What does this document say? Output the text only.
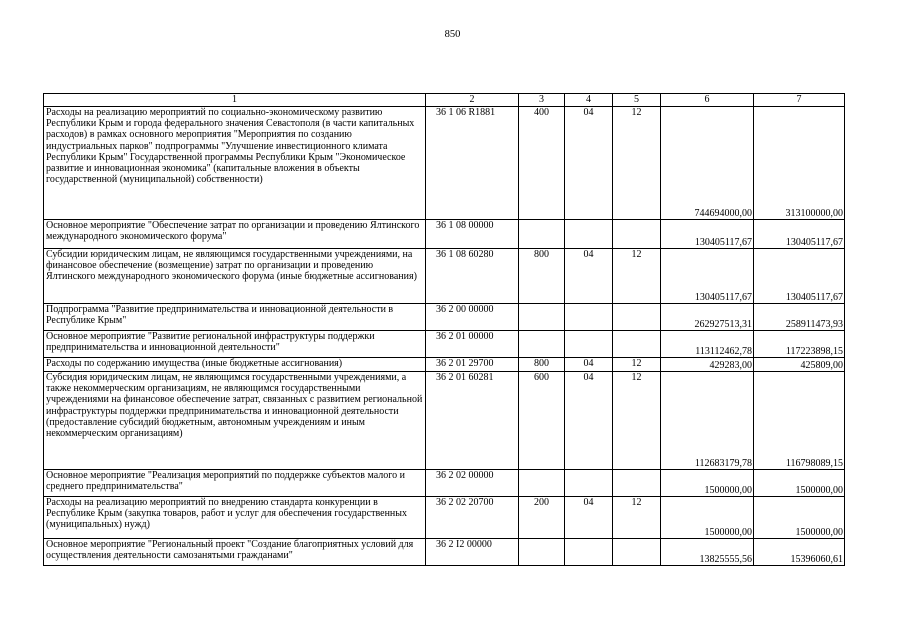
850
1	2	3	4	5	6	7
Расходы на реализацию мероприятий по социально-экономическому развитию Республики Крым и города федерального значения Севастополя (в части капитальных расходов) в рамках основного мероприятия "Мероприятия по созданию индустриальных парков" подпрограммы "Улучшение инвестиционного климата Республики Крым" Государственной программы Республики Крым "Экономическое развитие и инновационная экономика" (капитальные вложения в объекты государственной (муниципальной) собственности)	36 1 06 R1881	400	04	12	744694000,00	313100000,00
Основное мероприятие "Обеспечение затрат по организации и проведению Ялтинского международного экономического форума"	36 1 08 00000				130405117,67	130405117,67
Субсидии юридическим лицам, не являющимся государственными учреждениями, на финансовое обеспечение (возмещение) затрат по организации и проведению Ялтинского международного экономического форума (иные бюджетные ассигнования)	36 1 08 60280	800	04	12	130405117,67	130405117,67
Подпрограмма "Развитие предпринимательства и инновационной деятельности в Республике Крым"	36 2 00 00000				262927513,31	258911473,93
Основное мероприятие "Развитие региональной инфраструктуры поддержки предпринимательства и инновационной деятельности"	36 2 01 00000				113112462,78	117223898,15
Расходы по содержанию имущества (иные бюджетные ассигнования)	36 2 01 29700	800	04	12	429283,00	425809,00
Субсидия юридическим лицам, не являющимся государственными учреждениями, а также некоммерческим организациям, не являющимся государственными учреждениями на финансовое обеспечение затрат, связанных с развитием региональной инфраструктуры поддержки предпринимательства и инновационной деятельности (предоставление субсидий бюджетным, автономным учреждениям и иным некоммерческим организациям)	36 2 01 60281	600	04	12	112683179,78	116798089,15
Основное мероприятие "Реализация мероприятий по поддержке субъектов малого и среднего предпринимательства"	36 2 02 00000				1500000,00	1500000,00
Расходы на реализацию мероприятий по внедрению стандарта конкуренции в Республике Крым (закупка товаров, работ и услуг для обеспечения государственных (муниципальных) нужд)	36 2 02 20700	200	04	12	1500000,00	1500000,00
Основное мероприятие "Региональный проект "Создание благоприятных условий для осуществления деятельности самозанятыми гражданами"	36 2 I2 00000				13825555,56	15396060,61
